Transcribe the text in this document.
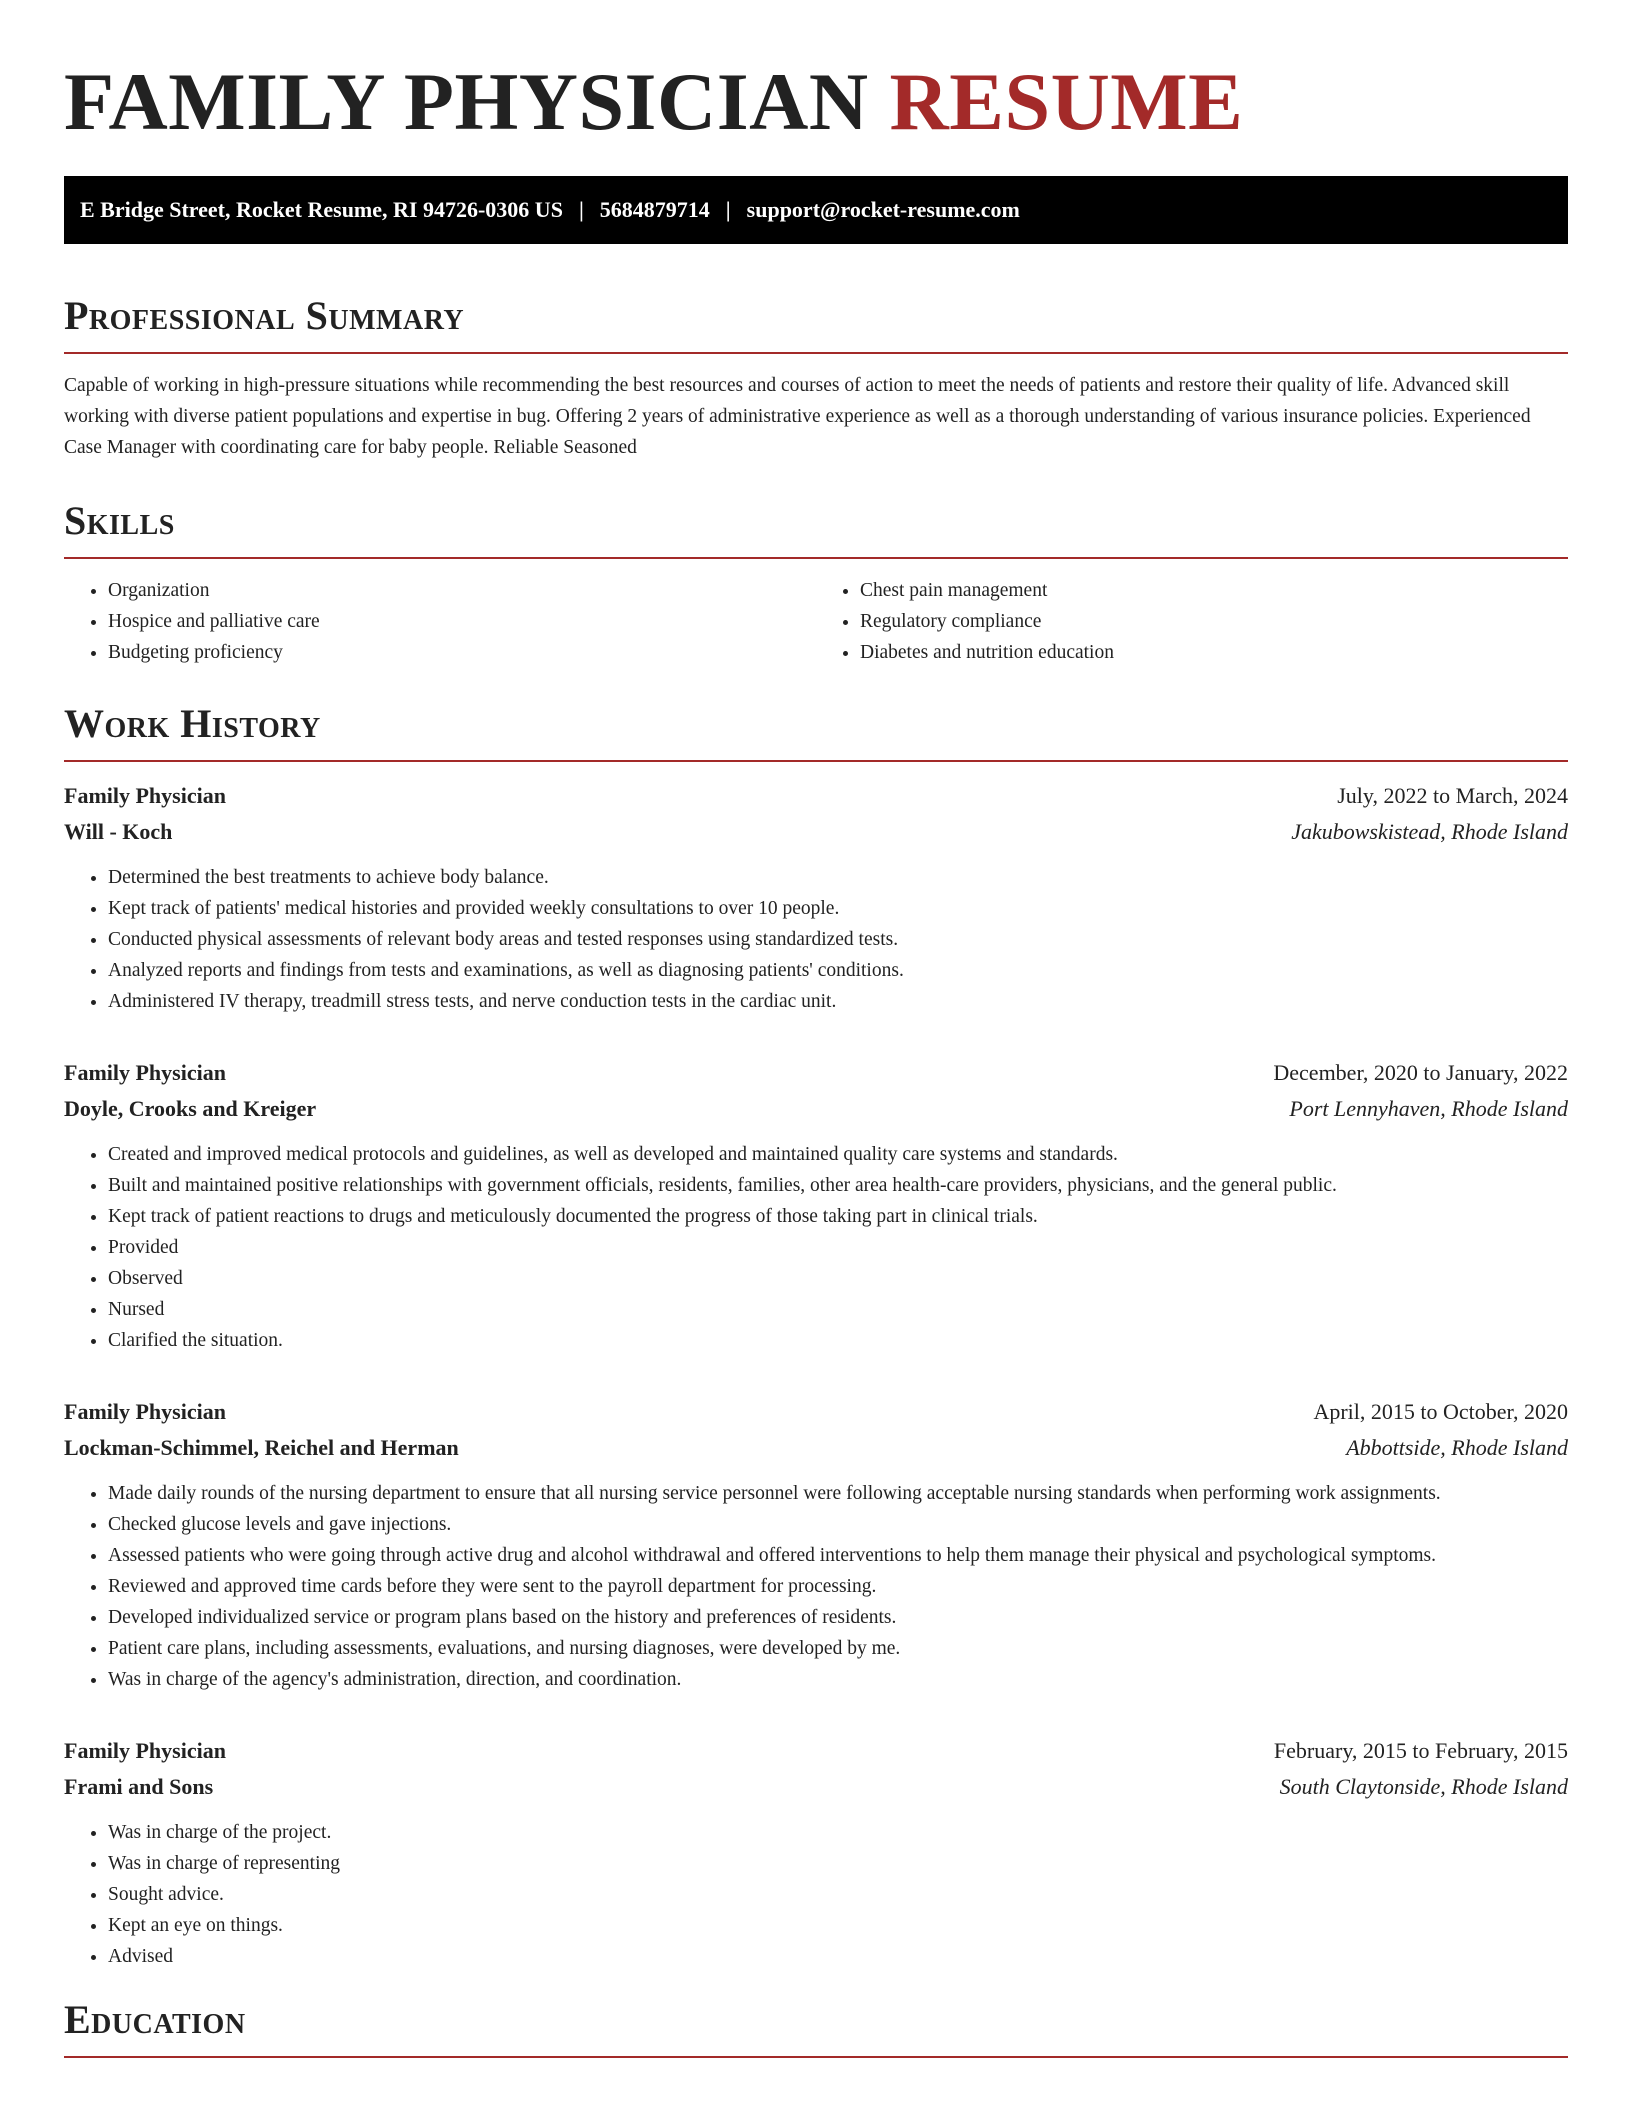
FAMILY PHYSICIAN RESUME
E Bridge Street, Rocket Resume, RI 94726-0306 US | 5684879714 | support@rocket-resume.com
Professional Summary

Capable of working in high-pressure situations while recommending the best resources and courses of action to meet the needs of patients and restore their quality of life. Advanced skill working with diverse patient populations and expertise in bug. Offering 2 years of administrative experience as well as a thorough understanding of various insurance policies. Experienced Case Manager with coordinating care for baby people. Reliable Seasoned

Skills
• Organization
• Hospice and palliative care
• Budgeting proficiency
• Chest pain management
• Regulatory compliance
• Diabetes and nutrition education
Work History
Family Physician	July, 2022 to March, 2024
Will - Koch	Jakubowskistead, Rhode Island
• Determined the best treatments to achieve body balance.
• Kept track of patients' medical histories and provided weekly consultations to over 10 people.
• Conducted physical assessments of relevant body areas and tested responses using standardized tests.
• Analyzed reports and findings from tests and examinations, as well as diagnosing patients' conditions.
• Administered IV therapy, treadmill stress tests, and nerve conduction tests in the cardiac unit.
Family Physician	December, 2020 to January, 2022
Doyle, Crooks and Kreiger	Port Lennyhaven, Rhode Island
• Created and improved medical protocols and guidelines, as well as developed and maintained quality care systems and standards.
• Built and maintained positive relationships with government officials, residents, families, other area health-care providers, physicians, and the general public.
• Kept track of patient reactions to drugs and meticulously documented the progress of those taking part in clinical trials.
• Provided
• Observed
• Nursed
• Clarified the situation.
Family Physician	April, 2015 to October, 2020
Lockman-Schimmel, Reichel and Herman	Abbottside, Rhode Island
• Made daily rounds of the nursing department to ensure that all nursing service personnel were following acceptable nursing standards when performing work assignments.
• Checked glucose levels and gave injections.
• Assessed patients who were going through active drug and alcohol withdrawal and offered interventions to help them manage their physical and psychological symptoms.
• Reviewed and approved time cards before they were sent to the payroll department for processing.
• Developed individualized service or program plans based on the history and preferences of residents.
• Patient care plans, including assessments, evaluations, and nursing diagnoses, were developed by me.
• Was in charge of the agency's administration, direction, and coordination.
Family Physician	February, 2015 to February, 2015
Frami and Sons	South Claytonside, Rhode Island
• Was in charge of the project.
• Was in charge of representing
• Sought advice.
• Kept an eye on things.
• Advised
Education
